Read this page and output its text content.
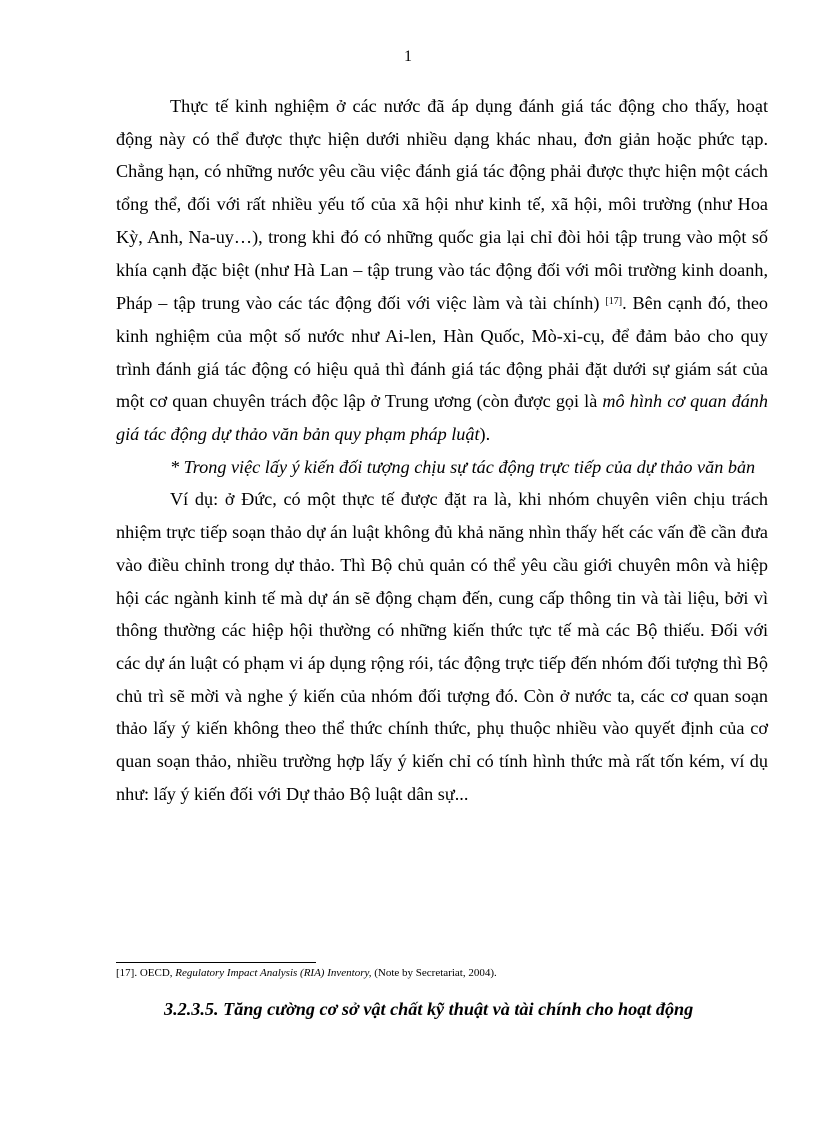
1

Thực tế kinh nghiệm ở các nước đã áp dụng đánh giá tác động cho thấy, hoạt động này có thể được thực hiện dưới nhiều dạng khác nhau, đơn giản hoặc phức tạp. Chẳng hạn, có những nước yêu cầu việc đánh giá tác động phải được thực hiện một cách tổng thể, đối với rất nhiều yếu tố của xã hội như kinh tế, xã hội, môi trường (như Hoa Kỳ, Anh, Na-uy…), trong khi đó có những quốc gia lại chỉ đòi hỏi tập trung vào một số khía cạnh đặc biệt (như Hà Lan – tập trung vào tác động đối với môi trường kinh doanh, Pháp – tập trung vào các tác động đối với việc làm và tài chính) [17]. Bên cạnh đó, theo kinh nghiệm của một số nước như Ai-len, Hàn Quốc, Mò-xi-cụ, để đảm bảo cho quy trình đánh giá tác động có hiệu quả thì đánh giá tác động phải đặt dưới sự giám sát của một cơ quan chuyên trách độc lập ở Trung ương (còn được gọi là mô hình cơ quan đánh giá tác động dự thảo văn bản quy phạm pháp luật).

* Trong việc lấy ý kiến đối tượng chịu sự tác động trực tiếp của dự thảo văn bản

Ví dụ: ở Đức, có một thực tế được đặt ra là, khi nhóm chuyên viên chịu trách nhiệm trực tiếp soạn thảo dự án luật không đủ khả năng nhìn thấy hết các vấn đề cần đưa vào điều chỉnh trong dự thảo. Thì Bộ chủ quản có thể yêu cầu giới chuyên môn và hiệp hội các ngành kinh tế mà dự án sẽ động chạm đến, cung cấp thông tin và tài liệu, bởi vì thông thường các hiệp hội thường có những kiến thức tực tế mà các Bộ thiếu. Đối với các dự án luật có phạm vi áp dụng rộng rói, tác động trực tiếp đến nhóm đối tượng thì Bộ chủ trì sẽ mời và nghe ý kiến của nhóm đối tượng đó. Còn ở nước ta, các cơ quan soạn thảo lấy ý kiến không theo thể thức chính thức, phụ thuộc nhiều vào quyết định của cơ quan soạn thảo, nhiều trường hợp lấy ý kiến chỉ có tính hình thức mà rất tốn kém, ví dụ như: lấy ý kiến đối với Dự thảo Bộ luật dân sự...

[17]. OECD, Regulatory Impact Analysis (RIA) Inventory, (Note by Secretariat, 2004).
3.2.3.5. Tăng cường cơ sở vật chất kỹ thuật và tài chính cho hoạt động
